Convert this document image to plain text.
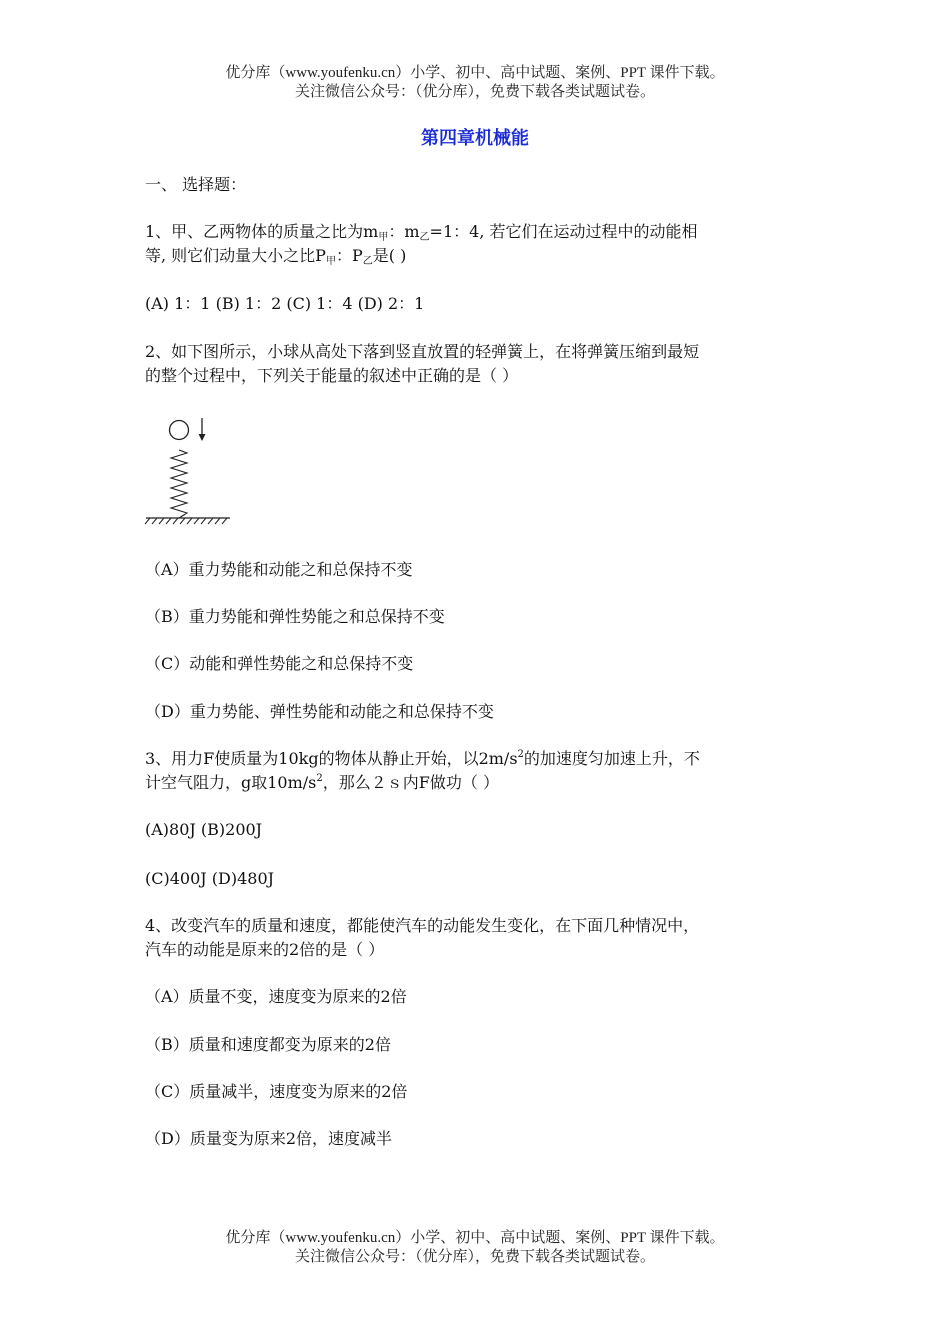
优分库（www.youfenku.cn）小学、初中、高中试题、案例、PPT 课件下载。
关注微信公众号：（优分库），免费下载各类试题试卷。
第四章机械能
一、 选择题：
1、甲、乙两物体的质量之比为$m_甲$：$m_乙=1$：4, 若它们在运动过程中的动能相
等, 则它们动量大小之比$P_甲$：$P_乙$是( )
(A) 1：1 (B) 1：2 (C) 1：4 (D) 2：1
2、如下图所示，小球从高处下落到竖直放置的轻弹簧上，在将弹簧压缩到最短
的整个过程中，下列关于能量的叙述中正确的是（ ）
（A）重力势能和动能之和总保持不变
（B）重力势能和弹性势能之和总保持不变
（C）动能和弹性势能之和总保持不变
（D）重力势能、弹性势能和动能之和总保持不变
3、用力F使质量为10kg的物体从静止开始，以$2m/s^2$的加速度匀加速上升，不
计空气阻力，g取$10m/s^2$，那么２ｓ内F做功（ ）
(A)80J (B)200J
(C)400J (D)480J
4、改变汽车的质量和速度，都能使汽车的动能发生变化，在下面几种情况中，
汽车的动能是原来的2倍的是（ ）
（A）质量不变，速度变为原来的2倍
（B）质量和速度都变为原来的2倍
（C）质量减半，速度变为原来的2倍
（D）质量变为原来2倍，速度减半
优分库（www.youfenku.cn）小学、初中、高中试题、案例、PPT 课件下载。
关注微信公众号：（优分库），免费下载各类试题试卷。
